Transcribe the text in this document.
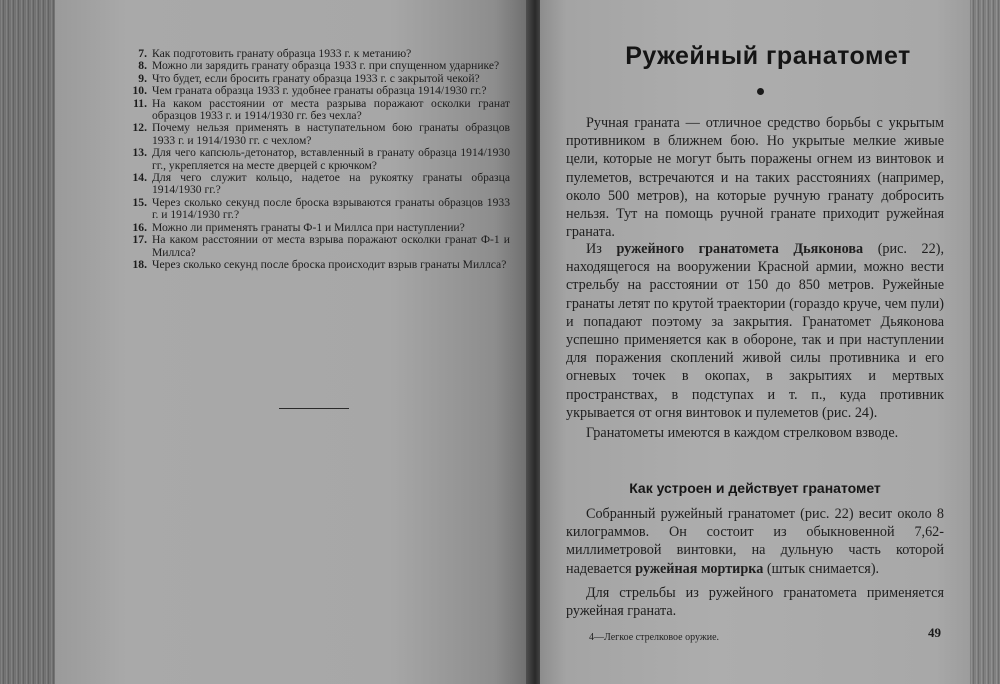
7. Как подготовить гранату образца 1933 г. к метанию?
8. Можно ли зарядить гранату образца 1933 г. при спущенном ударнике?
9. Что будет, если бросить гранату образца 1933 г. с закрытой чекой?
10. Чем граната образца 1933 г. удобнее гранаты образца 1914/1930 гг.?
11. На каком расстоянии от места разрыва поражают осколки гранат образцов 1933 г. и 1914/1930 гг. без чехла?
12. Почему нельзя применять в наступательном бою гранаты образцов 1933 г. и 1914/1930 гг. с чехлом?
13. Для чего капсюль-детонатор, вставленный в гранату образца 1914/1930 гг., укрепляется на месте дверцей с крючком?
14. Для чего служит кольцо, надетое на рукоятку гранаты образца 1914/1930 гг.?
15. Через сколько секунд после броска взрываются гранаты образцов 1933 г. и 1914/1930 гг.?
16. Можно ли применять гранаты Ф-1 и Миллса при наступлении?
17. На каком расстоянии от места взрыва поражают осколки гранат Ф-1 и Миллса?
18. Через сколько секунд после броска происходит взрыв гранаты Миллса?
Ружейный гранатомет

Ручная граната — отличное средство борьбы с укрытым противником в ближнем бою. Но укрытые мелкие живые цели, которые не могут быть поражены огнем из винтовок и пулеметов, встречаются и на таких расстояниях (например, около 500 метров), на которые ручную гранату добросить нельзя. Тут на помощь ручной гранате приходит ружейная граната.

Из ружейного гранатомета Дьяконова (рис. 22), находящегося на вооружении Красной армии, можно вести стрельбу на расстоянии от 150 до 850 метров. Ружейные гранаты летят по крутой траектории (гораздо круче, чем пули) и попадают поэтому за закрытия. Гранатомет Дьяконова успешно применяется как в обороне, так и при наступлении для поражения скоплений живой силы противника и его огневых точек в окопах, в закрытиях и мертвых пространствах, в подступах и т. п., куда противник укрывается от огня винтовок и пулеметов (рис. 24).

Гранатометы имеются в каждом стрелковом взводе.

Как устроен и действует гранатомет

Собранный ружейный гранатомет (рис. 22) весит около 8 килограммов. Он состоит из обыкновенной 7,62-миллиметровой винтовки, на дульную часть которой надевается ружейная мортирка (штык снимается).

Для стрельбы из ружейного гранатомета применяется ружейная граната.

4—Легкое стрелковое оружие.	49
